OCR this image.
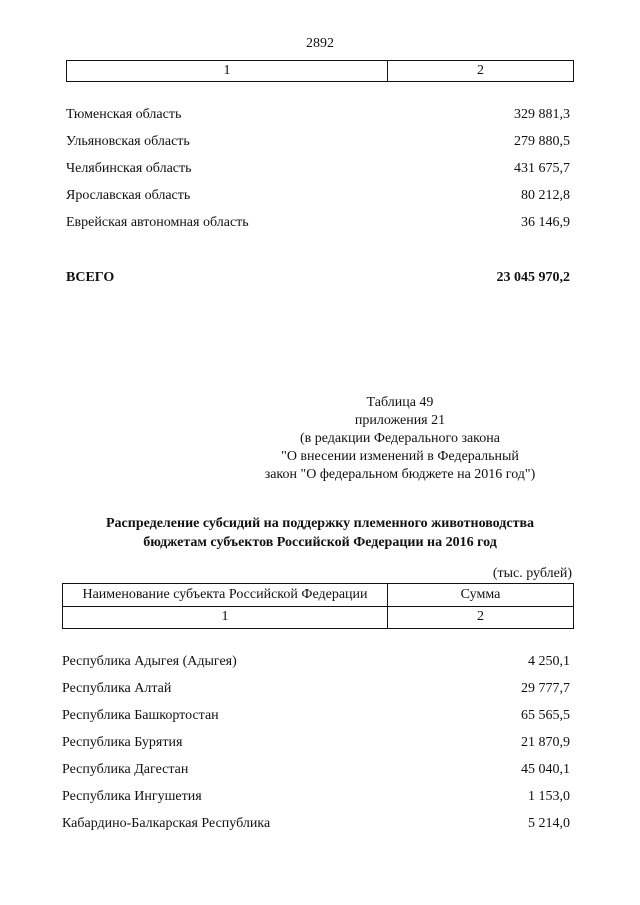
2892
1	2
Тюменская область	329 881,3
Ульяновская область	279 880,5
Челябинская область	431 675,7
Ярославская область	80 212,8
Еврейская автономная область	36 146,9
ВСЕГО	23 045 970,2
Таблица 49
приложения 21
(в редакции Федерального закона
"О внесении изменений в Федеральный
закон "О федеральном бюджете на 2016 год")
Распределение субсидий на поддержку племенного животноводства
бюджетам субъектов Российской Федерации на 2016 год
(тыс. рублей)
Наименование субъекта Российской Федерации	Сумма
1	2
Республика Адыгея (Адыгея)	4 250,1
Республика Алтай	29 777,7
Республика Башкортостан	65 565,5
Республика Бурятия	21 870,9
Республика Дагестан	45 040,1
Республика Ингушетия	1 153,0
Кабардино-Балкарская Республика	5 214,0
